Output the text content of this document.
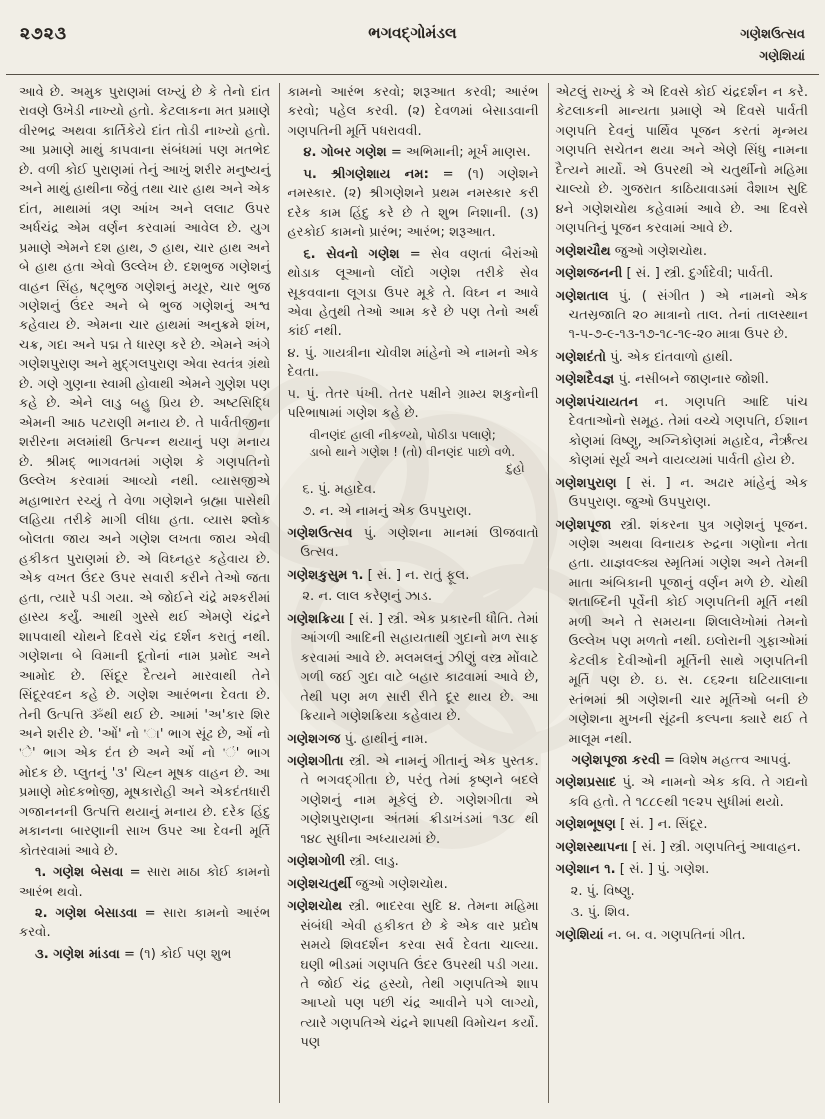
૨૭૨૩	ભગવદ્ગોમંડલ	ગણેશઉત્સવ
ગણેશિયાં

આવે છે. અમુક પુરાણમાં લખ્યું છે કે તેનો દાંત રાવણે ઉખેડી નાખ્યો હતો. કેટલાકના મત પ્રમાણે વીરભદ્ર અથવા કાર્તિકેયે દાંત તોડી નાખ્યો હતો. આ પ્રમાણે માથું કાપવાના સંબંધમાં પણ મતભેદ છે. વળી કોઈ પુરાણમાં તેનું આખું શરીર મનુષ્યનું અને માથું હાથીના જેવું તથા ચાર હાથ અને એક દાંત, માથામાં ત્રણ આંખ અને લલાટ ઉપર અર્ધચંદ્ર એમ વર્ણન કરવામાં આવેલ છે. યુગ પ્રમાણે એમને દશ હાથ, ૭ હાથ, ચાર હાથ અને બે હાથ હતા એવો ઉલ્લેખ છે. દશભુજ ગણેશનું વાહન સિંહ, ષટ્ભુજ ગણેશનું મયૂર, ચાર ભુજ ગણેશનું ઉંદર અને બે ભુજ ગણેશનું અશ્વ કહેવાય છે. એમના ચાર હાથમાં અનુક્રમે શંખ, ચક્ર, ગદા અને પદ્મ તે ધારણ કરે છે. એમને અંગે ગણેશપુરાણ અને મુદ્ગલપુરાણ એવા સ્વતંત્ર ગ્રંથો છે. ગણે ગુણના સ્વામી હોવાથી એમને ગુણેશ પણ કહે છે. એને લાડુ બહુ પ્રિય છે. અષ્ટસિદ્ધિ એમની આઠ પટરાણી મનાય છે. તે પાર્વતીજીના શરીરના મલમાંથી ઉત્પન્ન થયાનું પણ મનાય છે. શ્રીમદ્ ભાગવતમાં ગણેશ કે ગણપતિનો ઉલ્લેખ કરવામાં આવ્યો નથી. વ્યાસજીએ મહાભારત રચ્યું તે વેળા ગણેશને બ્રહ્મા પાસેથી લહિયા તરીકે માગી લીધા હતા. વ્યાસ શ્લોક બોલતા જાય અને ગણેશ લખતા જાય એવી હકીકત પુરાણમાં છે. એ વિઘ્નહર કહેવાય છે. એક વખત ઉંદર ઉપર સવારી કરીને તેઓ જતા હતા, ત્યારે પડી ગયા. એ જોઈને ચંદ્રે મશ્કરીમાં હાસ્ય કર્યું. આથી ગુસ્સે થઈ એમણે ચંદ્રને શાપવાથી ચોથને દિવસે ચંદ્ર દર્શન કરાતું નથી. ગણેશના બે વિમાની દૂતોનાં નામ પ્રમોદ અને આમોદ છે. સિંદૂર દૈત્યને મારવાથી તેને સિંદૂરવદન કહે છે. ગણેશ આરંભના દેવતા છે. તેની ઉત્પત્તિ ૐથી થઈ છે. આમાં 'અ'કાર શિર અને શરીર છે. 'ઓં' નો 'ા' ભાગ સૂંઢ છે, ઓં નો 'ે' ભાગ એક દંત છે અને ઓં નો 'ં' ભાગ મોદક છે. પ્લુતનું '૩' ચિહ્ન મૂષક વાહન છે. આ પ્રમાણે મોદકભોજી, મૂષકારોહી અને એકદંતધારી ગજાનનની ઉત્પત્તિ થયાનું મનાય છે. દરેક હિંદુ મકાનના બારણાની સાખ ઉપર આ દેવની મૂર્તિ કોતરવામાં આવે છે.

૧. ગણેશ બેસવા = સારા માઠા કોઈ કામનો આરંભ થવો.

૨. ગણેશ બેસાડવા = સારા કામનો આરંભ કરવો.

૩. ગણેશ માંડવા = (૧) કોઈ પણ શુભ

કામનો આરંભ કરવો; શરૂઆત કરવી; આરંભ કરવો; પહેલ કરવી. (૨) દેવળમાં બેસાડવાની ગણપતિની મૂર્તિ પધરાવવી.

૪. ગોબર ગણેશ = અભિમાની; મૂર્ખ માણસ.

૫. શ્રીગણેશાય નમ: = (૧) ગણેશને નમસ્કાર. (૨) શ્રીગણેશને પ્રથમ નમસ્કાર કરી દરેક કામ હિંદુ કરે છે તે શુભ નિશાની. (૩) હરકોઈ કામનો પ્રારંભ; આરંભ; શરૂઆત.

૬. સેવનો ગણેશ = સેવ વણતાં બૈરાંઓ થોડાક લૂઆનો લોંદો ગણેશ તરીકે સેવ સૂકવવાના લૂગડા ઉપર મૂકે તે. વિઘ્ન ન આવે એવા હેતુથી તેઓ આમ કરે છે પણ તેનો અર્થ કાંઈ નથી.

૪. પું. ગાયત્રીના ચોવીશ માંહેનો એ નામનો એક દેવતા.

૫. પું. તેતર પંખી. તેતર પક્ષીને ગ્રામ્ય શકુનોની પરિભાષામાં ગણેશ કહે છે.

વીનણંદ હાલી નીકળ્યો, પોઠીડા પલાણે;
ડાબો થાને ગણેશ ! (તો) વીનણંદ પાછો વળે.
દુહો

૬. પું. મહાદેવ.

૭. ન. એ નામનું એક ઉપપુરાણ.

ગણેશઉત્સવ પું. ગણેશના માનમાં ઊજવાતો ઉત્સવ.

ગણેશકુસુમ ૧. [ સં. ] ન. રાતું ફૂલ.

૨. ન. લાલ કરેણનું ઝાડ.

ગણેશક્રિયા [ સં. ] સ્ત્રી. એક પ્રકારની ધૌતિ. તેમાં આંગળી આદિની સહાયતાથી ગુદાનો મળ સાફ કરવામાં આવે છે. મલમલનું ઝીણું વસ્ત્ર મોંવાટે ગળી જઈ ગુદા વાટે બહાર કાઢવામાં આવે છે, તેથી પણ મળ સારી રીતે દૂર થાય છે. આ ક્રિયાને ગણેશક્રિયા કહેવાય છે.

ગણેશગજ પું. હાથીનું નામ.

ગણેશગીતા સ્ત્રી. એ નામનું ગીતાનું એક પુસ્તક. તે ભગવદ્ગીતા છે, પરંતુ તેમાં કૃષ્ણને બદલે ગણેશનું નામ મૂકેલું છે. ગણેશગીતા એ ગણેશપુરાણના અંતમાં ક્રીડાખંડમાં ૧૩૮ થી ૧૪૮ સુધીના અધ્યાયમાં છે.

ગણેશગોળી સ્ત્રી. લાડુ.

ગણેશચતુર્થી જુઓ ગણેશચોથ.

ગણેશચોથ સ્ત્રી. ભાદરવા સુદિ ૪. તેમના મહિમા સંબંધી એવી હકીકત છે કે એક વાર પ્રદોષ સમયે શિવદર્શન કરવા સર્વ દેવતા ચાલ્યા. ઘણી ભીડમાં ગણપતિ ઉંદર ઉપરથી પડી ગયા. તે જોઈ ચંદ્ર હસ્યો, તેથી ગણપતિએ શાપ આપ્યો પણ પછી ચંદ્ર આવીને પગે લાગ્યો, ત્યારે ગણપતિએ ચંદ્રને શાપથી વિમોચન કર્યો. પણ

એટલું રાખ્યું કે એ દિવસે કોઈ ચંદ્રદર્શન ન કરે. કેટલાકની માન્યતા પ્રમાણે એ દિવસે પાર્વતી ગણપતિ દેવનું પાર્થિવ પૂજન કરતાં મૃન્મય ગણપતિ સચેતન થયા અને એણે સિંધુ નામના દૈત્યને માર્યો. એ ઉપરથી એ ચતુર્થીનો મહિમા ચાલ્યો છે. ગુજરાત કાઠિયાવાડમાં વૈશાખ સુદિ ૪ને ગણેશચોથ કહેવામાં આવે છે. આ દિવસે ગણપતિનું પૂજન કરવામાં આવે છે.

ગણેશચૌથ જુઓ ગણેશચોથ.

ગણેશજનની [ સં. ] સ્ત્રી. દુર્ગાદેવી; પાર્વતી.

ગણેશતાલ પું. ( સંગીત ) એ નામનો એક ચતસ્રજાતિ ૨૦ માત્રાનો તાલ. તેનાં તાલસ્થાન ૧-૫-૭-૯-૧૩-૧૭-૧૮-૧૯-૨૦ માત્રા ઉપર છે.

ગણેશદંતો પું. એક દાંતવાળો હાથી.

ગણેશદૈવજ્ઞ પું. નસીબને જાણનાર જોશી.

ગણેશપંચાયતન ન. ગણપતિ આદિ પાંચ દેવતાઓનો સમૂહ. તેમાં વચ્ચે ગણપતિ, ઈશાન કોણમાં વિષ્ણુ, અગ્નિકોણમાં મહાદેવ, નૈર્ઋત્ય કોણમાં સૂર્ય અને વાયવ્યમાં પાર્વતી હોય છે.

ગણેશપુરાણ [ સં. ] ન. અઢાર માંહેનું એક ઉપપુરાણ. જુઓ ઉપપુરાણ.

ગણેશપૂજા સ્ત્રી. શંકરના પુત્ર ગણેશનું પૂજન. ગણેશ અથવા વિનાયક રુદ્રના ગણોના નેતા હતા. યાજ્ઞવલ્ક્ય સ્મૃતિમાં ગણેશ અને તેમની માતા અંબિકાની પૂજાનું વર્ણન મળે છે. ચોથી શતાબ્દિની પૂર્વેની કોઈ ગણપતિની મૂર્તિ નથી મળી અને તે સમયના શિલાલેખોમાં તેમનો ઉલ્લેખ પણ મળતો નથી. ઇલોરાની ગુફાઓમાં કેટલીક દેવીઓની મૂર્તિની સાથે ગણપતિની મૂર્તિ પણ છે. ઇ. સ. ૮૬૨ના ઘટિયાલાના સ્તંભમાં શ્રી ગણેશની ચાર મૂર્તિઓ બની છે ગણેશના મુખની સૂંઢની કલ્પના ક્યારે થઈ તે માલૂમ નથી.

ગણેશપૂજા કરવી = વિશેષ મહત્ત્વ આપવું.

ગણેશપ્રસાદ પું. એ નામનો એક કવિ. તે ગદ્યનો કવિ હતો. તે ૧૮૮૯થી ૧૯૨૫ સુધીમાં થયો.

ગણેશભૂષણ [ સં. ] ન. સિંદૂર.

ગણેશસ્થાપના [ સં. ] સ્ત્રી. ગણપતિનું આવાહન.

ગણેશાન ૧. [ સં. ] પું. ગણેશ.

૨. પું. વિષ્ણુ.

૩. પું. શિવ.

ગણેશિયાં ન. બ. વ. ગણપતિનાં ગીત.
